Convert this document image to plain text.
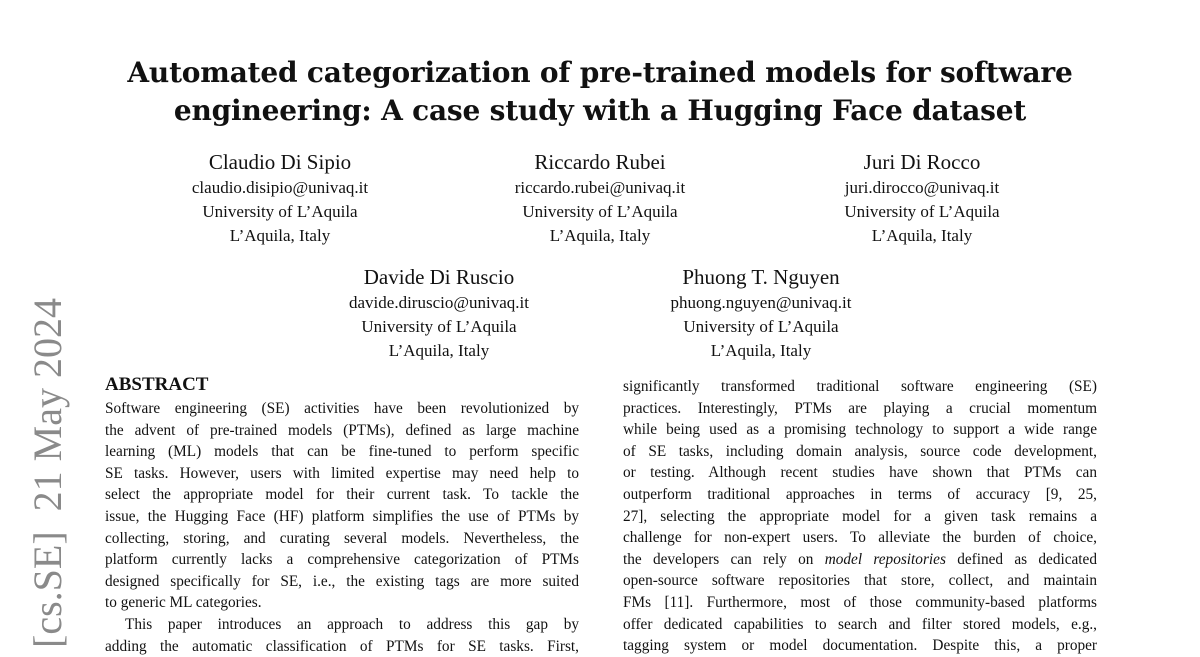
Automated categorization of pre-trained models for software
engineering: A case study with a Hugging Face dataset
Claudio Di Sipio
claudio.disipio@univaq.it
University of L’Aquila
L’Aquila, Italy
Riccardo Rubei
riccardo.rubei@univaq.it
University of L’Aquila
L’Aquila, Italy
Juri Di Rocco
juri.dirocco@univaq.it
University of L’Aquila
L’Aquila, Italy
Davide Di Ruscio
davide.diruscio@univaq.it
University of L’Aquila
L’Aquila, Italy
Phuong T. Nguyen
phuong.nguyen@univaq.it
University of L’Aquila
L’Aquila, Italy
[cs.SE]21 May 2024 ABSTRACT
Software engineering (SE) activities have been revolutionized by
the advent of pre-trained models (PTMs), defined as large machine
learning (ML) models that can be fine-tuned to perform specific
SE tasks. However, users with limited expertise may need help to
select the appropriate model for their current task. To tackle the
issue, the Hugging Face (HF) platform simplifies the use of PTMs by
collecting, storing, and curating several models. Nevertheless, the
platform currently lacks a comprehensive categorization of PTMs
designed specifically for SE, i.e., the existing tags are more suited
to generic ML categories.
This paper introduces an approach to address this gap by
adding the automatic classification of PTMs for SE tasks. First,
significantly transformed traditional software engineering (SE)
practices. Interestingly, PTMs are playing a crucial momentum
while being used as a promising technology to support a wide range
of SE tasks, including domain analysis, source code development,
or testing. Although recent studies have shown that PTMs can
outperform traditional approaches in terms of accuracy [9, 25,
27], selecting the appropriate model for a given task remains a
challenge for non-expert users. To alleviate the burden of choice,
the developers can rely on model repositories defined as dedicated
open-source software repositories that store, collect, and maintain
FMs [11]. Furthermore, most of those community-based platforms
offer dedicated capabilities to search and filter stored models, e.g.,
tagging system or model documentation. Despite this, a proper
